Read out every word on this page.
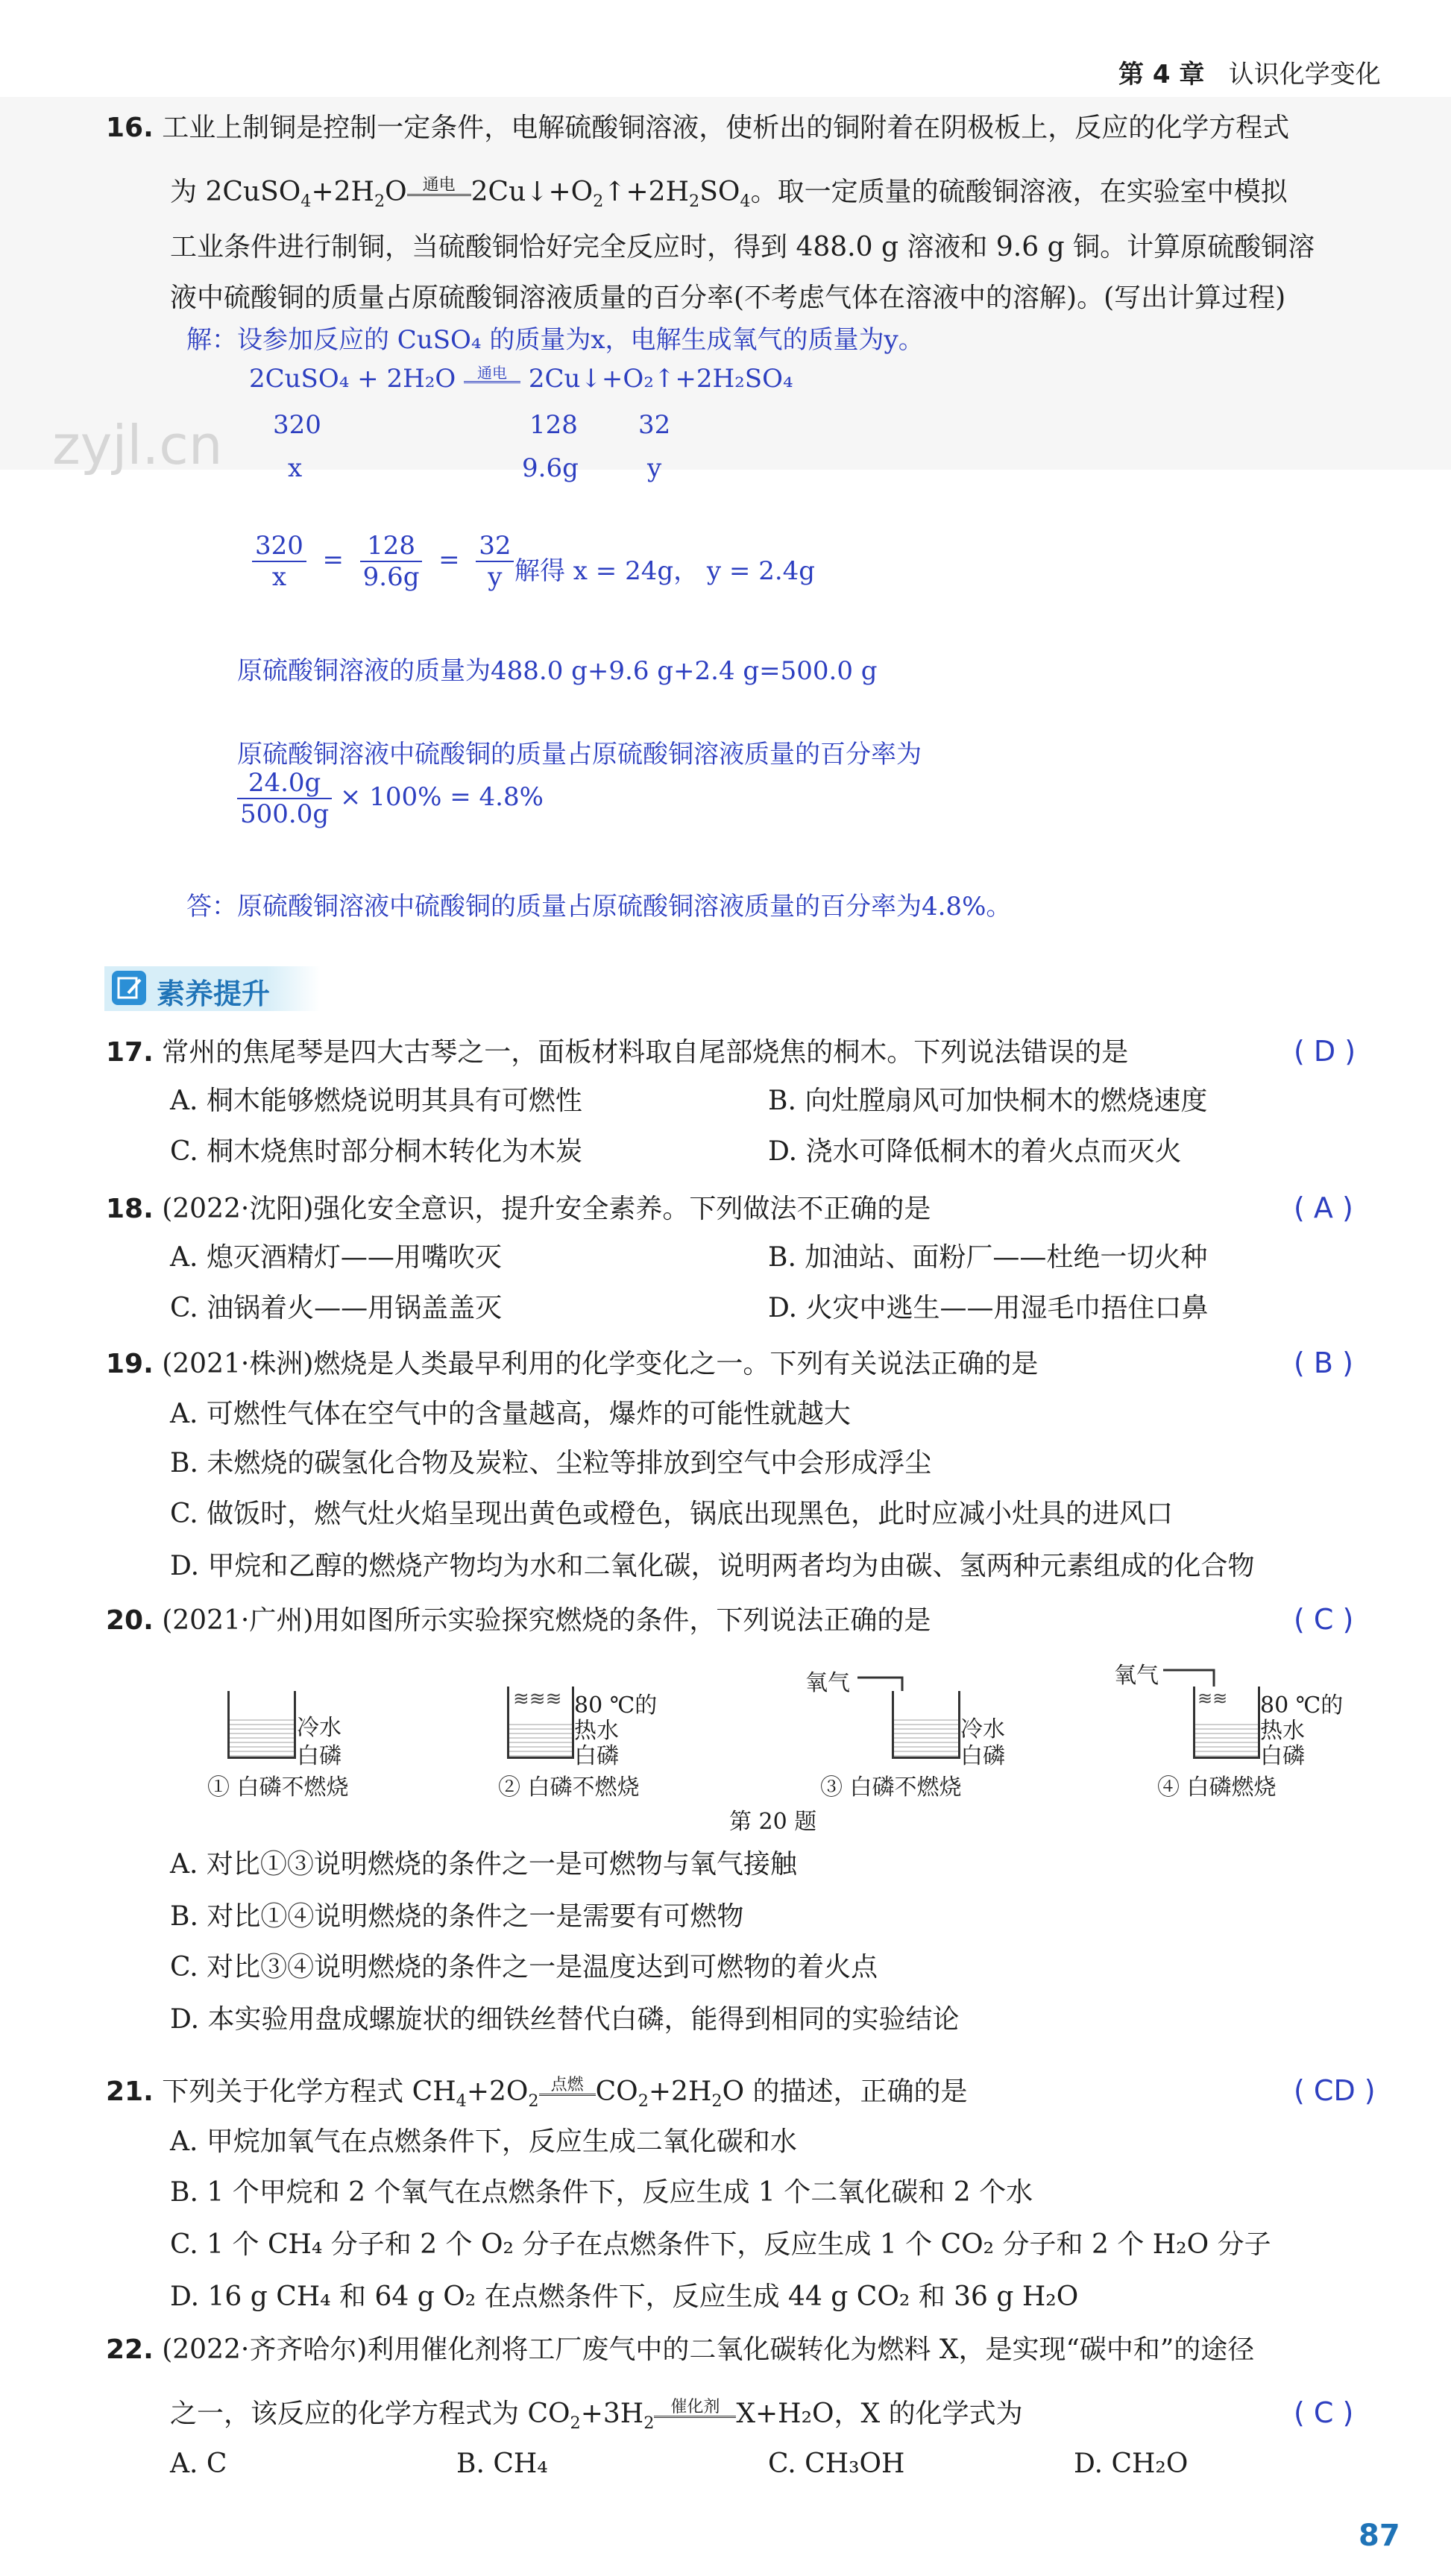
第 4 章 认识化学变化
zyjl.cn
16. 工业上制铜是控制一定条件，电解硫酸铜溶液，使析出的铜附着在阴极板上，反应的化学方程式
为 $2CuSO_4+2H_2O$ 通电 $2Cu↓+O_2↑+2H_2SO_4$。取一定质量的硫酸铜溶液，在实验室中模拟
工业条件进行制铜，当硫酸铜恰好完全反应时，得到 488.0 g 溶液和 9.6 g 铜。计算原硫酸铜溶
液中硫酸铜的质量占原硫酸铜溶液质量的百分率(不考虑气体在溶液中的溶解)。(写出计算过程)
解：设参加反应的 CuSO₄ 的质量为x，电解生成氧气的质量为y。
2CuSO₄ + 2H₂O	通电 2Cu↓+O₂↑+2H₂SO₄
320	128 32
x	9.6g	y
$\frac{320}{x} = \frac{128}{9.6g} = \frac{32}{y}$ 解得 x = 24g， y = 2.4g
原硫酸铜溶液的质量为488.0 g+9.6 g+2.4 g=500.0 g
原硫酸铜溶液中硫酸铜的质量占原硫酸铜溶液质量的百分率为
$\frac{24.0g}{500.0g} \times 100\% = 4.8\%$
答：原硫酸铜溶液中硫酸铜的质量占原硫酸铜溶液质量的百分率为4.8%。
素养提升
17. 常州的焦尾琴是四大古琴之一，面板材料取自尾部烧焦的桐木。下列说法错误的是	( D )
A. 桐木能够燃烧说明其具有可燃性	B. 向灶膛扇风可加快桐木的燃烧速度
C. 桐木烧焦时部分桐木转化为木炭	D. 浇水可降低桐木的着火点而灭火
18. (2022·沈阳)强化安全意识，提升安全素养。下列做法不正确的是	( A )
A. 熄灭酒精灯——用嘴吹灭	B. 加油站、面粉厂——杜绝一切火种
C. 油锅着火——用锅盖盖灭	D. 火灾中逃生——用湿毛巾捂住口鼻
19. (2021·株洲)燃烧是人类最早利用的化学变化之一。下列有关说法正确的是	( B )
A. 可燃性气体在空气中的含量越高，爆炸的可能性就越大
B. 未燃烧的碳氢化合物及炭粒、尘粒等排放到空气中会形成浮尘
C. 做饭时，燃气灶火焰呈现出黄色或橙色，锅底出现黑色，此时应减小灶具的进风口
D. 甲烷和乙醇的燃烧产物均为水和二氧化碳，说明两者均为由碳、氢两种元素组成的化合物
20. (2021·广州)用如图所示实验探究燃烧的条件，下列说法正确的是	( C )
冷水
白磷
① 白磷不燃烧
≋≋≋ 80 ℃的
热水
白磷
② 白磷不燃烧
氧气
冷水
白磷
③ 白磷不燃烧
氧气
≋≋ 80 ℃的
热水
白磷
④ 白磷燃烧
第 20 题
A. 对比①③说明燃烧的条件之一是可燃物与氧气接触
B. 对比①④说明燃烧的条件之一是需要有可燃物
C. 对比③④说明燃烧的条件之一是温度达到可燃物的着火点
D. 本实验用盘成螺旋状的细铁丝替代白磷，能得到相同的实验结论
21. 下列关于化学方程式 $CH_4+2O_2$
点燃 $CO_2+2H_2O$ 的描述，正确的是	( CD )
A. 甲烷加氧气在点燃条件下，反应生成二氧化碳和水
B. 1 个甲烷和 2 个氧气在点燃条件下，反应生成 1 个二氧化碳和 2 个水
C. 1 个 CH₄ 分子和 2 个 O₂ 分子在点燃条件下，反应生成 1 个 CO₂ 分子和 2 个 H₂O 分子
D. 16 g CH₄ 和 64 g O₂ 在点燃条件下，反应生成 44 g CO₂ 和 36 g H₂O
22. (2022·齐齐哈尔)利用催化剂将工厂废气中的二氧化碳转化为燃料 X，是实现“碳中和”的途径
之一，该反应的化学方程式为 $CO_2+3H_2$
催化剂 X+H₂O，X 的化学式为	( C )
A. C	B. CH₄	C. CH₃OH	D. CH₂O
87
